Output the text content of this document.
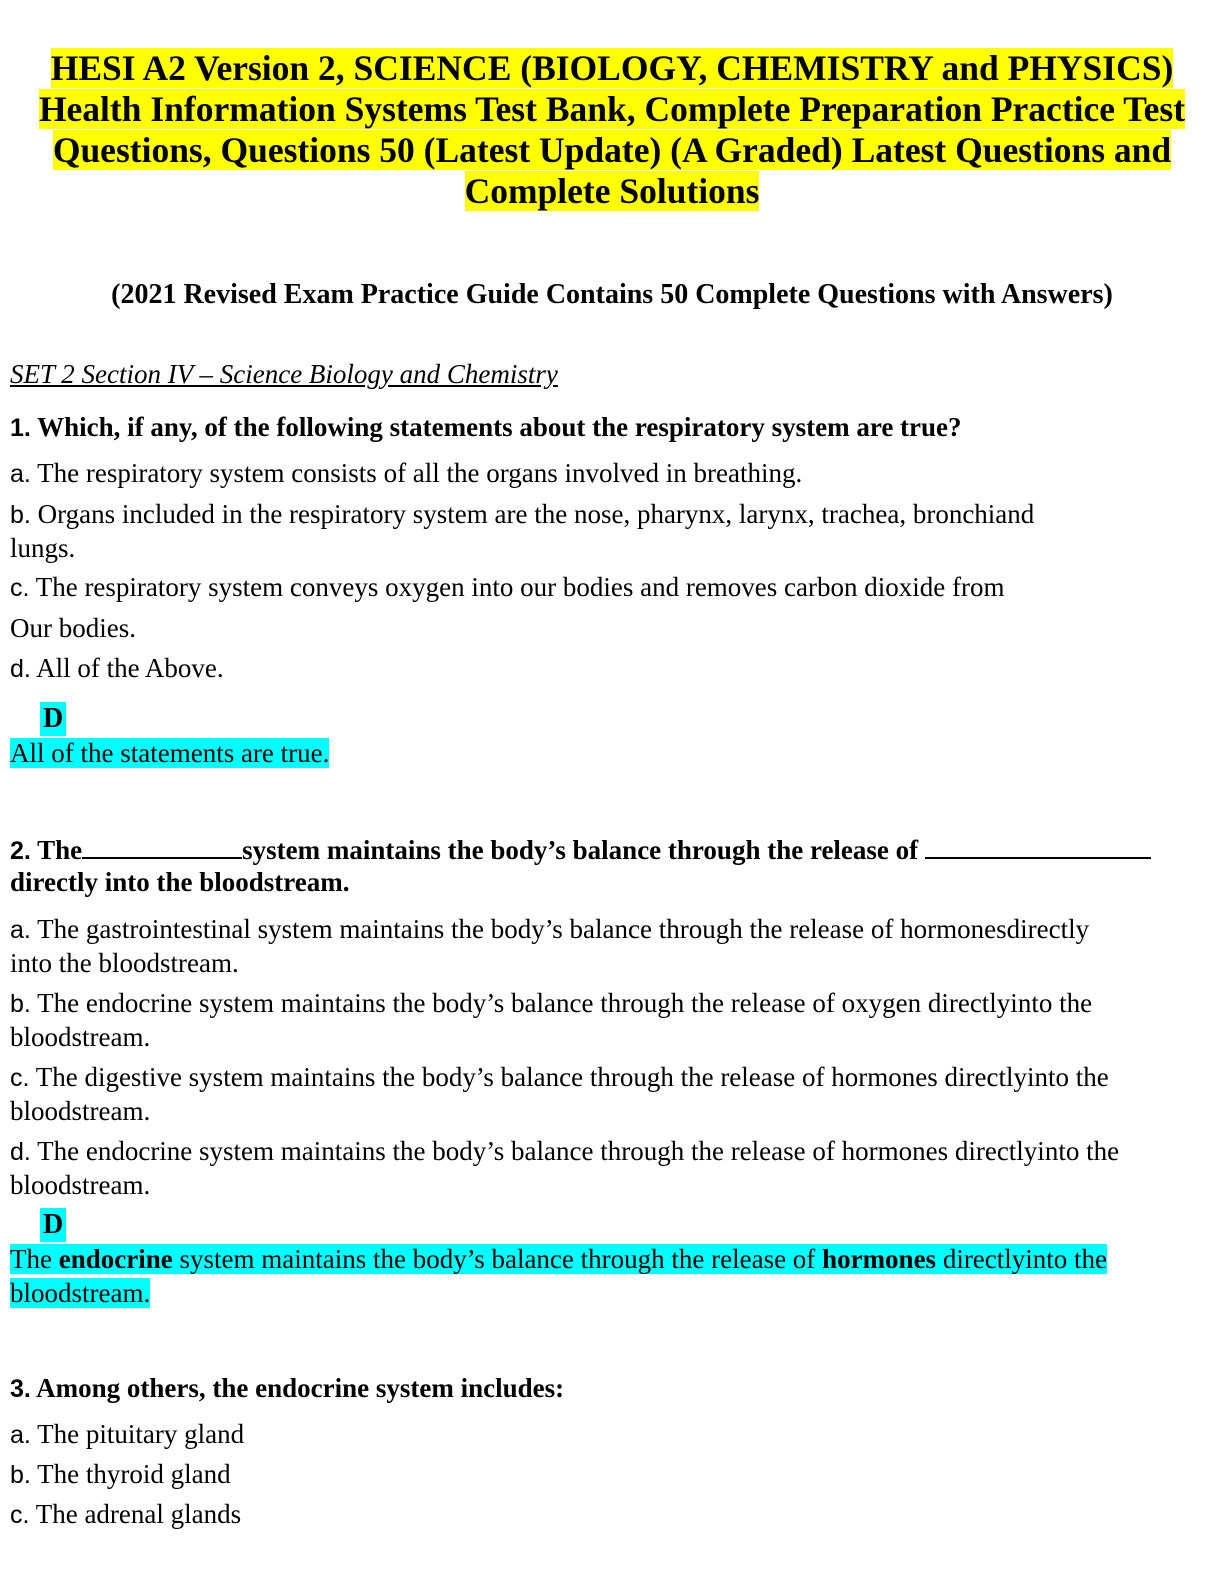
HESI A2 Version 2, SCIENCE (BIOLOGY, CHEMISTRY and PHYSICS)
Health Information Systems Test Bank, Complete Preparation Practice Test
Questions, Questions 50 (Latest Update) (A Graded) Latest Questions and
Complete Solutions
(2021 Revised Exam Practice Guide Contains 50 Complete Questions with Answers)
SET 2 Section IV – Science Biology and Chemistry
1. Which, if any, of the following statements about the respiratory system are true?
a. The respiratory system consists of all the organs involved in breathing.
b. Organs included in the respiratory system are the nose, pharynx, larynx, trachea, bronchiand
lungs.
c. The respiratory system conveys oxygen into our bodies and removes carbon dioxide from
Our bodies.
d. All of the Above.
D
All of the statements are true.
2. The	system maintains the body’s balance through the release of
directly into the bloodstream.
a. The gastrointestinal system maintains the body’s balance through the release of hormonesdirectly
into the bloodstream.
b. The endocrine system maintains the body’s balance through the release of oxygen directlyinto the
bloodstream.
c. The digestive system maintains the body’s balance through the release of hormones directlyinto the
bloodstream.
d. The endocrine system maintains the body’s balance through the release of hormones directlyinto the
bloodstream.
D
The endocrine system maintains the body’s balance through the release of hormones directlyinto the
bloodstream.
3. Among others, the endocrine system includes:
a. The pituitary gland
b. The thyroid gland
c. The adrenal glands
